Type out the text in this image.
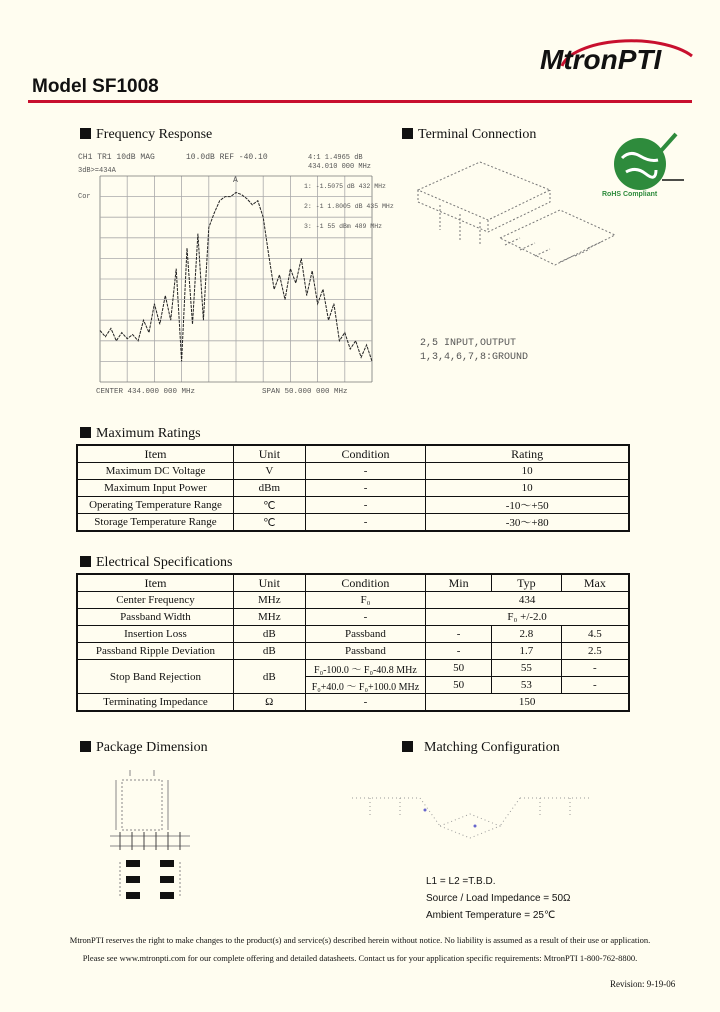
Model SF1008
MtronPTI
Frequency Response
CH1 TR1 10dB MAG	10.0dB REF -40.10	4:1 1.4965 dB
434.010 000 MHz
3dB>=434A
Cor
1: -1.5075 dB 432 MHz
2: -1 1.8005 dB 435 MHz
3: -1 55 dBm 489 MHz
A
CENTER 434.000 000 MHz	SPAN 50.000 000 MHz
Terminal Connection
RoHS Compliant
2,5 INPUT,OUTPUT
1,3,4,6,7,8:GROUND
Maximum Ratings
Item	Unit	Condition	Rating
Maximum DC Voltage	V	-	10
Maximum Input Power	dBm	-	10
Operating Temperature Range	℃	-	-10～+50
Storage Temperature Range	℃	-	-30～+80
Electrical Specifications
Item	Unit	Condition	Min	Typ	Max
Center Frequency	MHz	F₀	434		
Passband Width	MHz	-	F₀ +/-2.0		
Insertion Loss	dB	Passband	-	2.8	4.5
Passband Ripple Deviation	dB	Passband	-	1.7	2.5
Stop Band Rejection	dB	F₀-100.0 ～ F₀-40.8 MHz	50	55	-
		F₀+40.0 ～ F₀+100.0 MHz	50	53	-
Terminating Impedance	Ω	-	150		
Package Dimension	Matching Configuration
L1 = L2 =T.B.D.
Source / Load Impedance = 50Ω
Ambient Temperature = 25℃
MtronPTI reserves the right to make changes to the product(s) and service(s) described herein without notice. No liability is assumed as a result of their use or application.
Please see www.mtronpti.com for our complete offering and detailed datasheets. Contact us for your application specific requirements: MtronPTI 1-800-762-8800.
Revision: 9-19-06
